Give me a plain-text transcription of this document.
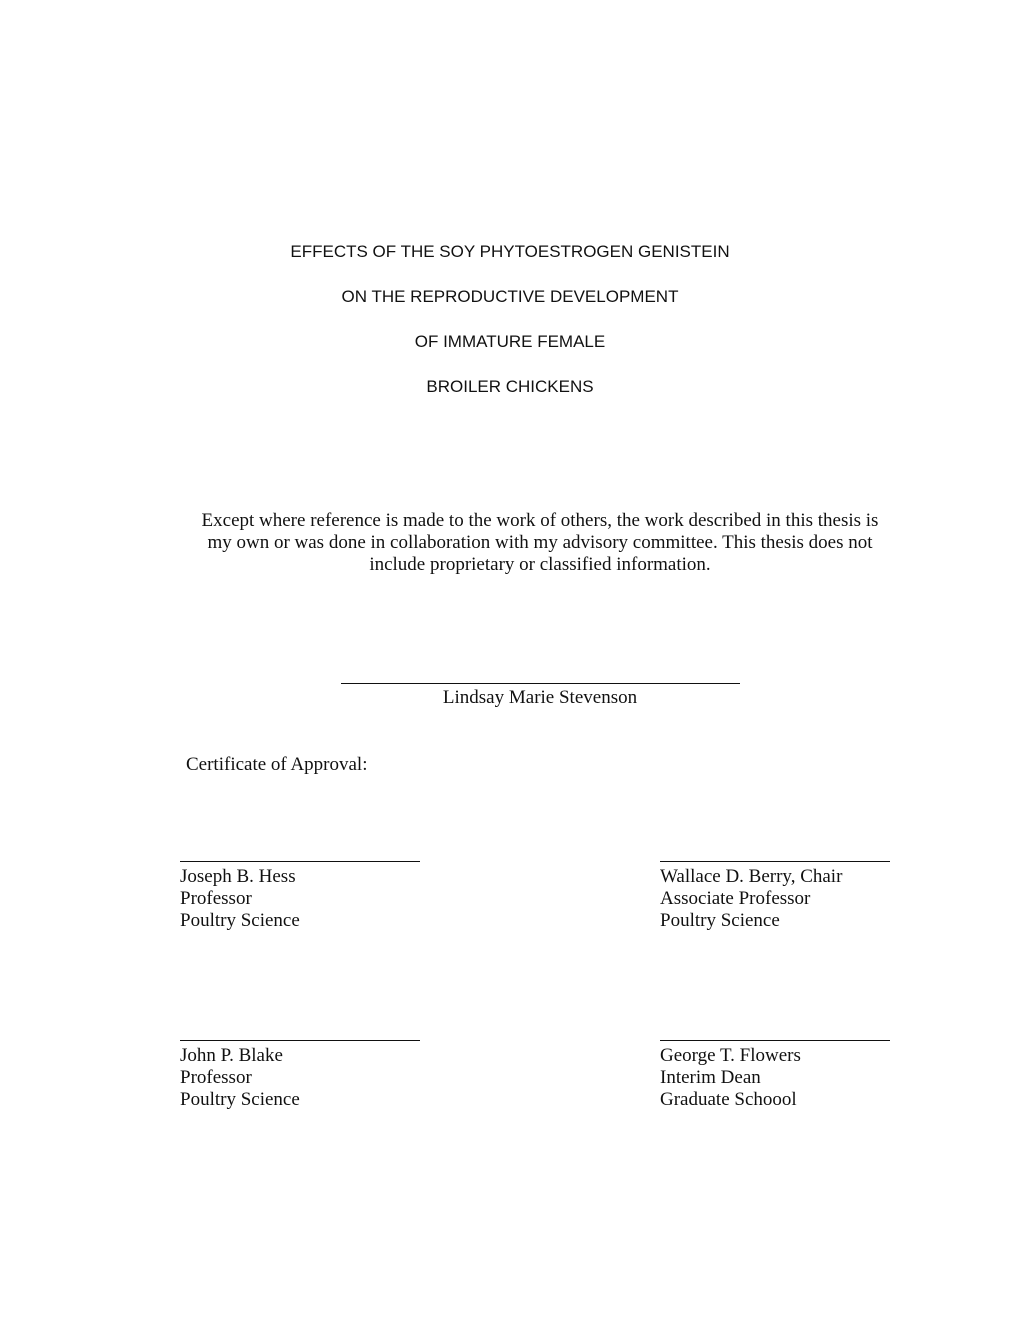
EFFECTS OF THE SOY PHYTOESTROGEN GENISTEIN
ON THE REPRODUCTIVE DEVELOPMENT
OF IMMATURE FEMALE
BROILER CHICKENS

Except where reference is made to the work of others, the work described in this thesis is

my own or was done in collaboration with my advisory committee. This thesis does not

include proprietary or classified information.

Lindsay Marie Stevenson
Certificate of Approval:
Joseph B. Hess
Professor
Poultry Science
Wallace D. Berry, Chair
Associate Professor
Poultry Science
John P. Blake
Professor
Poultry Science
George T. Flowers
Interim Dean
Graduate Schoool
